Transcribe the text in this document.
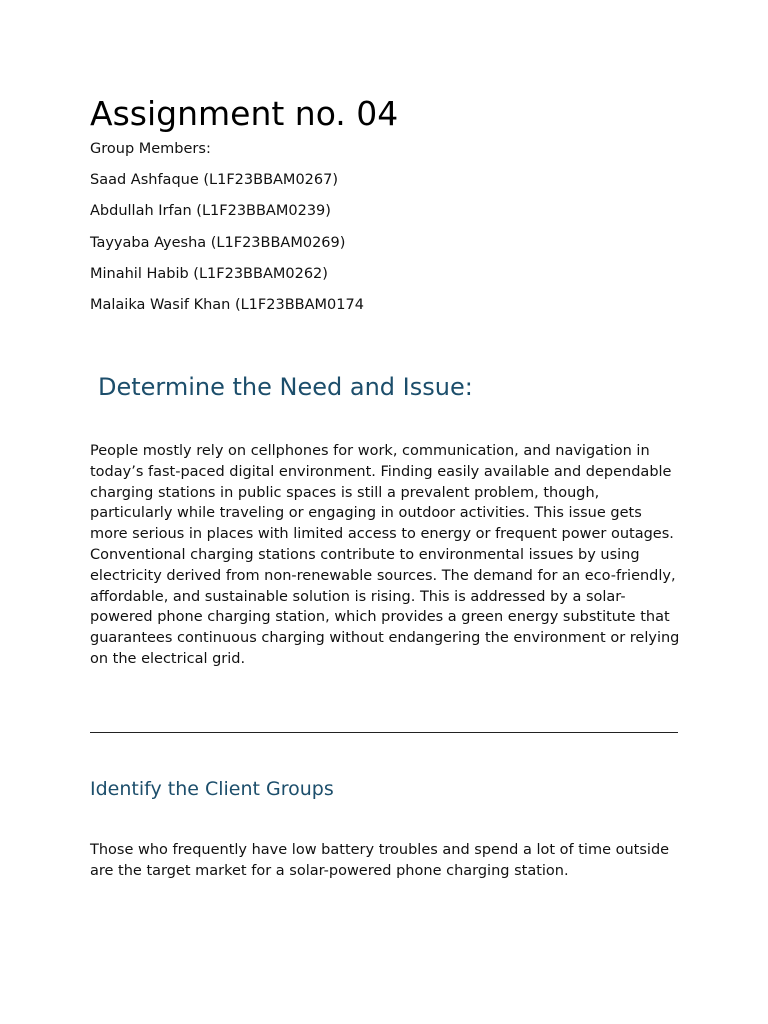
Assignment no. 04
Group Members:
Saad Ashfaque (L1F23BBAM0267)
Abdullah Irfan (L1F23BBAM0239)
Tayyaba Ayesha (L1F23BBAM0269)
Minahil Habib (L1F23BBAM0262)
Malaika Wasif Khan (L1F23BBAM0174
Determine the Need and Issue:

People mostly rely on cellphones for work, communication, and navigation in today’s fast-paced digital environment. Finding easily available and dependable charging stations in public spaces is still a prevalent problem, though, particularly while traveling or engaging in outdoor activities. This issue gets more serious in places with limited access to energy or frequent power outages. Conventional charging stations contribute to environmental issues by using electricity derived from non-renewable sources. The demand for an eco-friendly, affordable, and sustainable solution is rising. This is addressed by a solar-powered phone charging station, which provides a green energy substitute that guarantees continuous charging without endangering the environment or relying on the electrical grid.

Identify the Client Groups

Those who frequently have low battery troubles and spend a lot of time outside are the target market for a solar-powered phone charging station.
